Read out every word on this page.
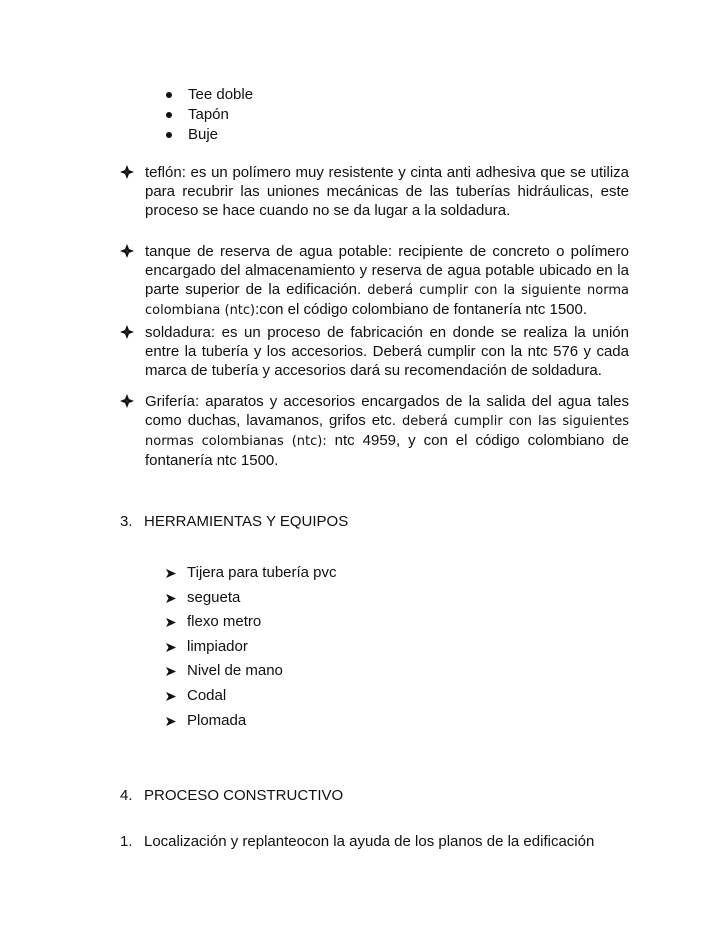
Tee doble
Tapón
Buje
teflón: es un polímero muy resistente y cinta anti adhesiva que se utiliza para recubrir las uniones mecánicas de las tuberías hidráulicas, este proceso se hace cuando no se da lugar a la soldadura.
tanque de reserva de agua potable: recipiente de concreto o polímero encargado del almacenamiento y reserva de agua potable ubicado en la parte superior de la edificación. deberá cumplir con la siguiente norma colombiana (ntc):con el código colombiano de fontanería ntc 1500.
soldadura: es un proceso de fabricación en donde se realiza la unión entre la tubería y los accesorios. Deberá cumplir con la ntc 576 y cada marca de tubería y accesorios dará su recomendación de soldadura.
Grifería: aparatos y accesorios encargados de la salida del agua tales como duchas, lavamanos, grifos etc. deberá cumplir con las siguientes normas colombianas (ntc): ntc 4959, y con el código colombiano de fontanería ntc 1500.
3. HERRAMIENTAS Y EQUIPOS
Tijera para tubería pvc
segueta
flexo metro
limpiador
Nivel de mano
Codal
Plomada
4. PROCESO CONSTRUCTIVO
1. Localización y replanteocon la ayuda de los planos de la edificación
